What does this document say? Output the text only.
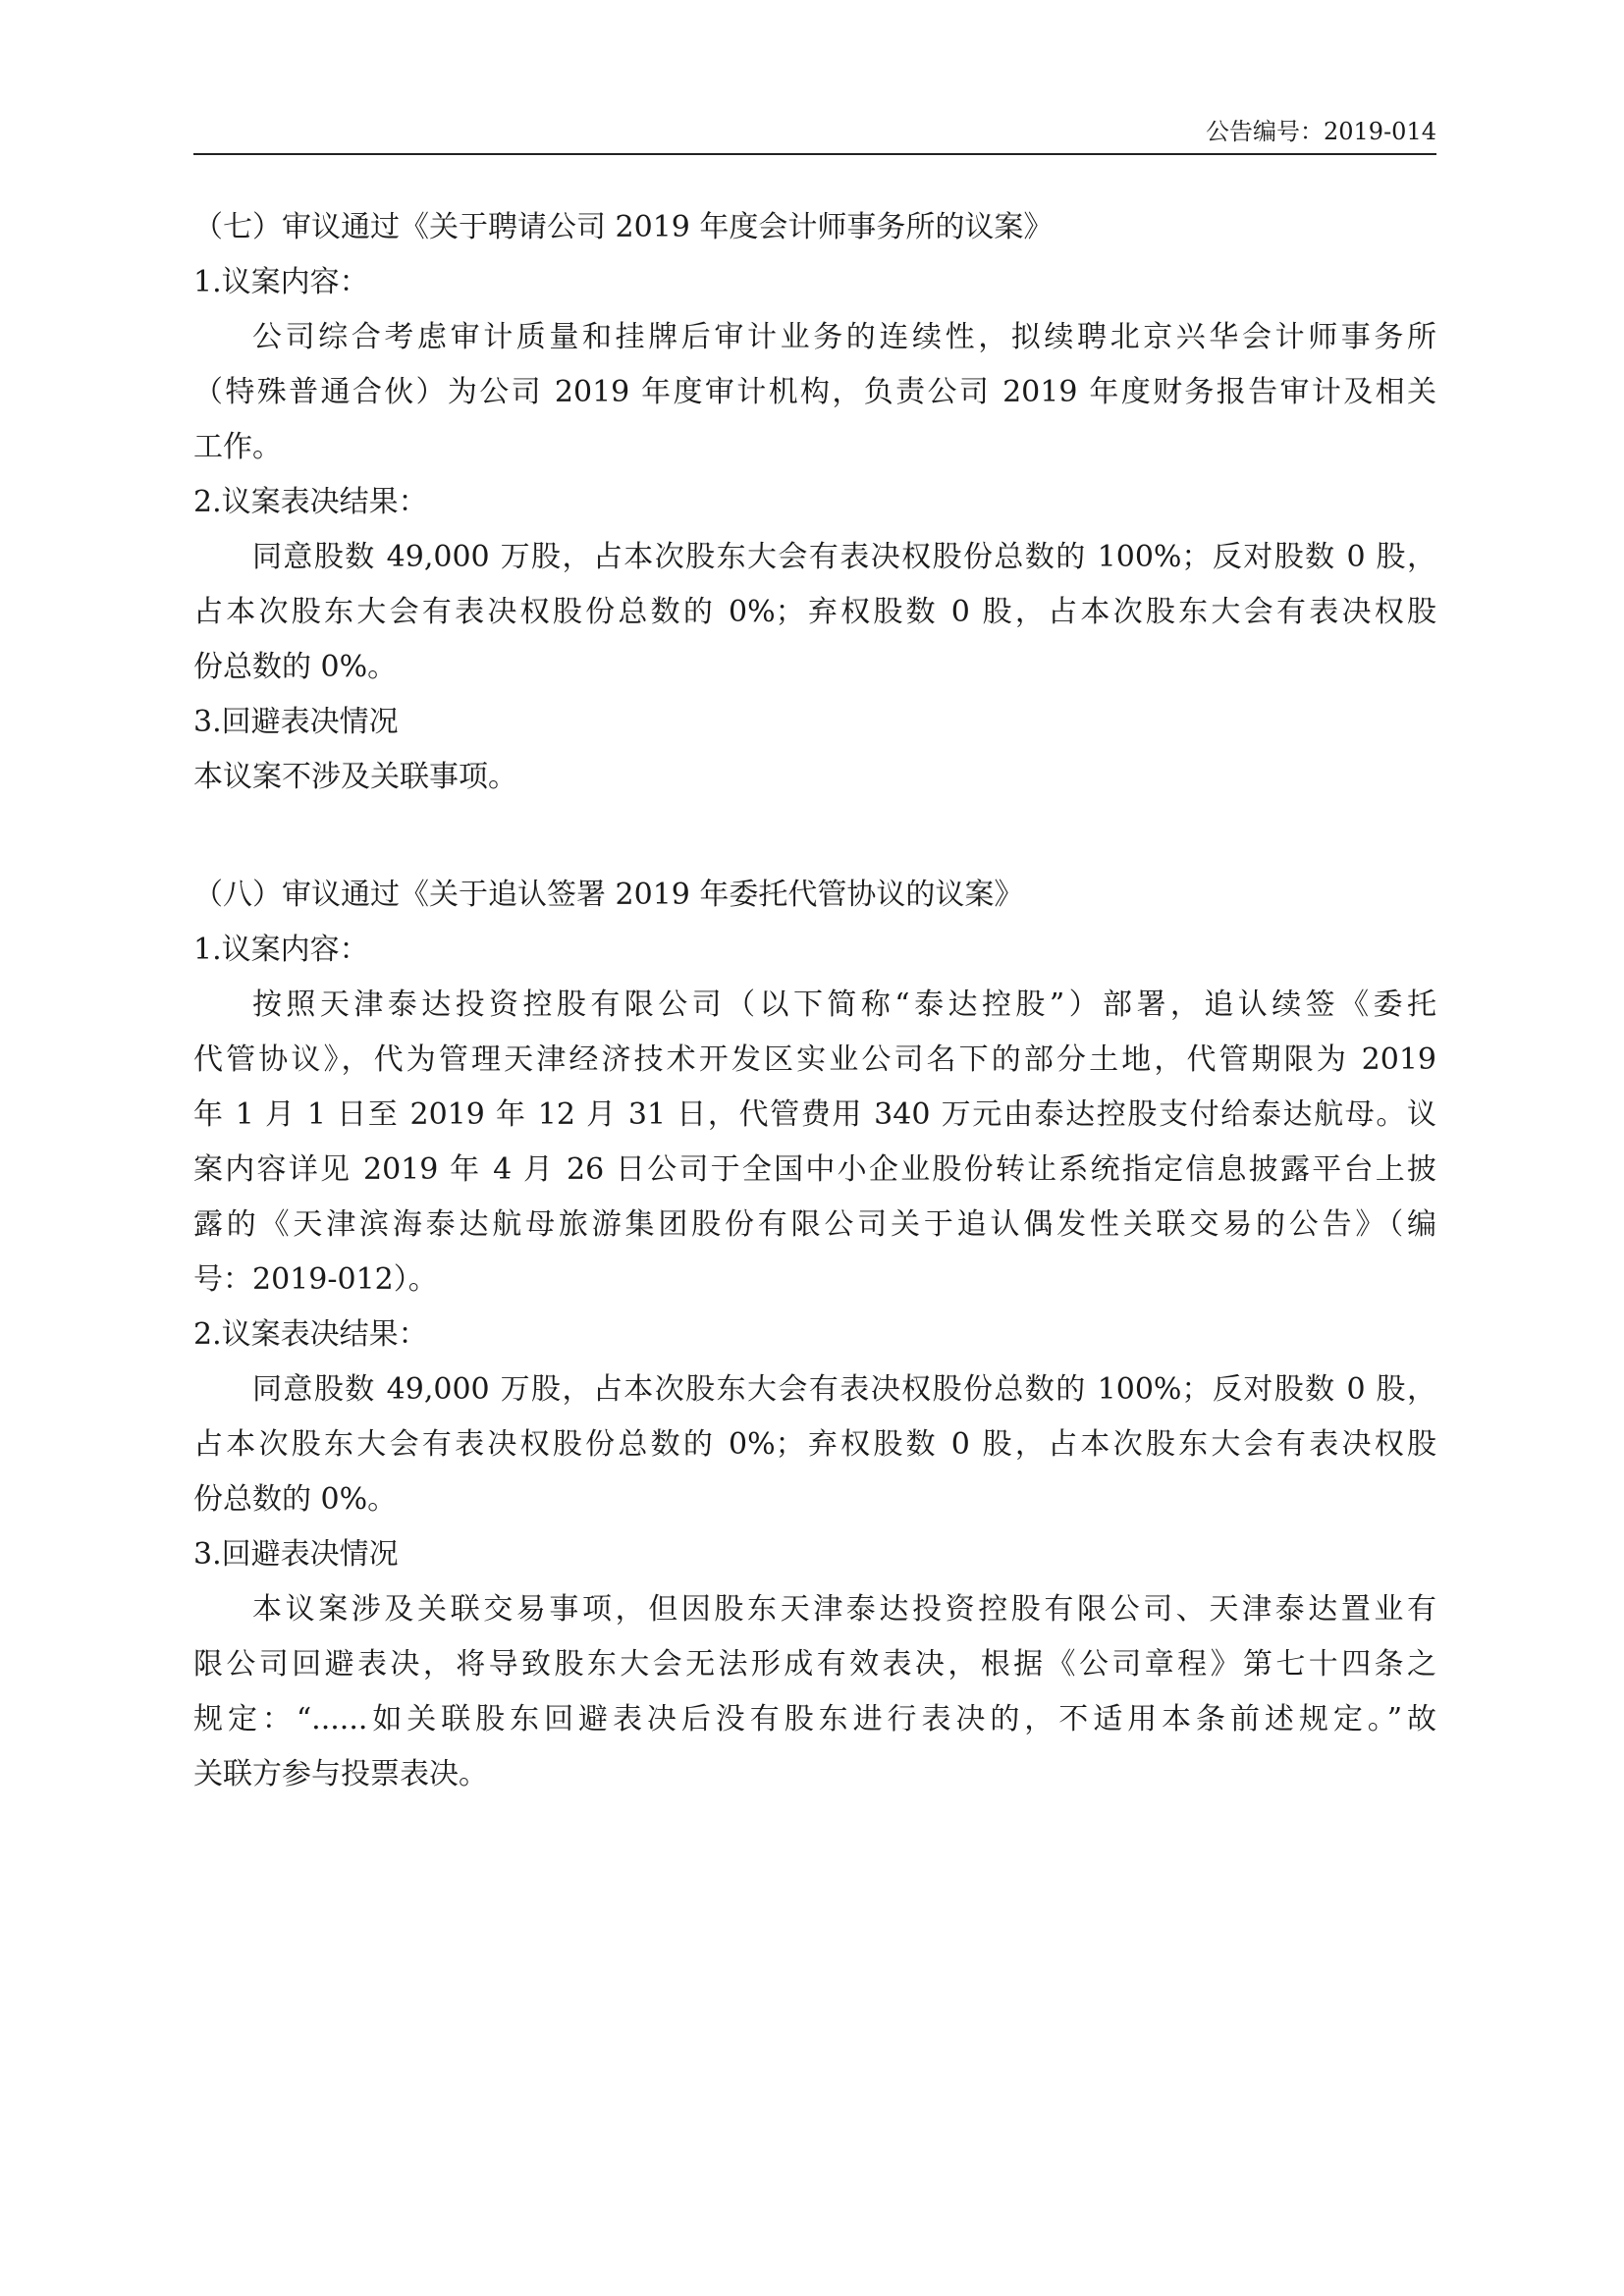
公告编号：2019-014
（七）审议通过《关于聘请公司 2019 年度会计师事务所的议案》
1.议案内容：
公司综合考虑审计质量和挂牌后审计业务的连续性，拟续聘北京兴华会计师事务所
（特殊普通合伙）为公司 2019 年度审计机构，负责公司 2019 年度财务报告审计及相关
工作。
2.议案表决结果：
同意股数 49,000 万股，占本次股东大会有表决权股份总数的 100%；反对股数 0 股，
占本次股东大会有表决权股份总数的 0%；弃权股数 0 股，占本次股东大会有表决权股
份总数的 0%。
3.回避表决情况
本议案不涉及关联事项。
（八）审议通过《关于追认签署 2019 年委托代管协议的议案》
1.议案内容：
按照天津泰达投资控股有限公司（以下简称“泰达控股”）部署，追认续签《委托
代管协议》，代为管理天津经济技术开发区实业公司名下的部分土地，代管期限为 2019
年 1 月 1 日至 2019 年 12 月 31 日，代管费用 340 万元由泰达控股支付给泰达航母。议
案内容详见 2019 年 4 月 26 日公司于全国中小企业股份转让系统指定信息披露平台上披
露的《天津滨海泰达航母旅游集团股份有限公司关于追认偶发性关联交易的公告》（编
号：2019-012）。
2.议案表决结果：
同意股数 49,000 万股，占本次股东大会有表决权股份总数的 100%；反对股数 0 股，
占本次股东大会有表决权股份总数的 0%；弃权股数 0 股，占本次股东大会有表决权股
份总数的 0%。
3.回避表决情况
本议案涉及关联交易事项，但因股东天津泰达投资控股有限公司、天津泰达置业有
限公司回避表决，将导致股东大会无法形成有效表决，根据《公司章程》第七十四条之
规定：“......如关联股东回避表决后没有股东进行表决的，不适用本条前述规定。”故
关联方参与投票表决。
